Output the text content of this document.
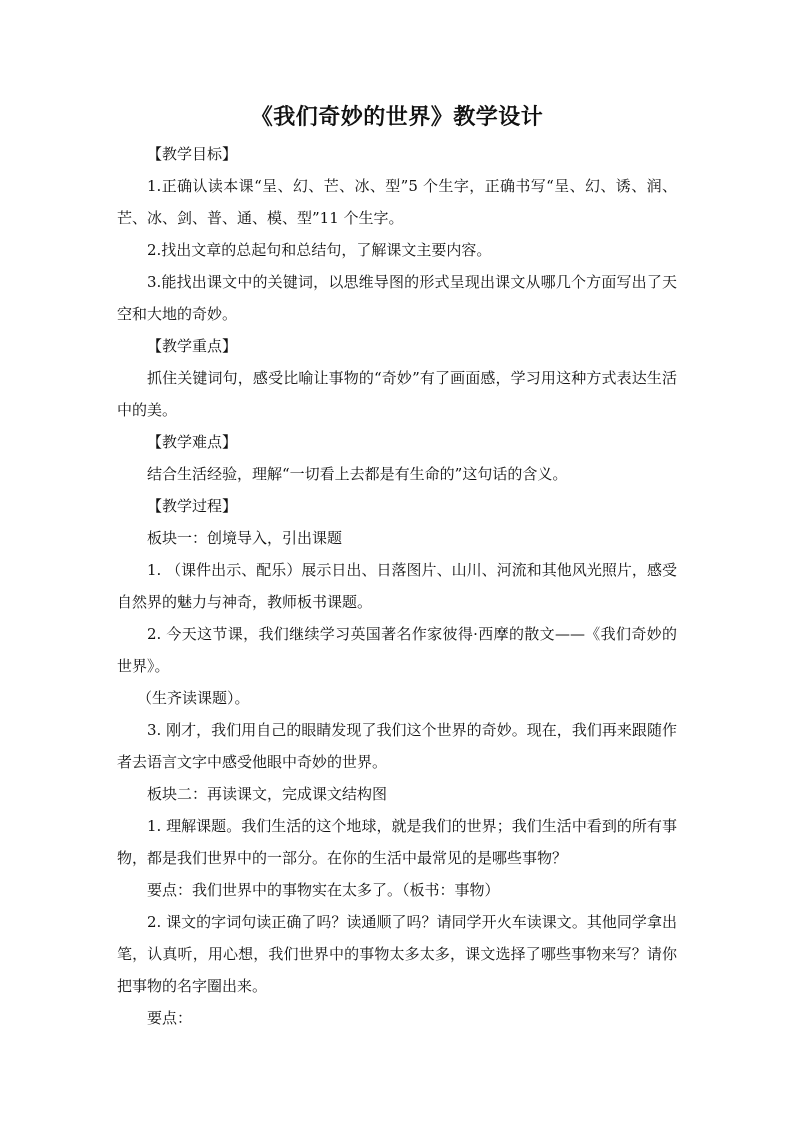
《我们奇妙的世界》教学设计

【教学目标】

1.正确认读本课“呈、幻、芒、冰、型”5 个生字，正确书写“呈、幻、诱、润、芒、冰、剑、普、通、模、型”11 个生字。

2.找出文章的总起句和总结句，了解课文主要内容。

3.能找出课文中的关键词，以思维导图的形式呈现出课文从哪几个方面写出了天空和大地的奇妙。

【教学重点】

抓住关键词句，感受比喻让事物的“奇妙”有了画面感，学习用这种方式表达生活中的美。

【教学难点】

结合生活经验，理解“一切看上去都是有生命的”这句话的含义。

【教学过程】

板块一：创境导入，引出课题

1. （课件出示、配乐）展示日出、日落图片、山川、河流和其他风光照片，感受自然界的魅力与神奇，教师板书课题。

2. 今天这节课，我们继续学习英国著名作家彼得·西摩的散文——《我们奇妙的世界》。

（生齐读课题）。

3. 刚才，我们用自己的眼睛发现了我们这个世界的奇妙。现在，我们再来跟随作者去语言文字中感受他眼中奇妙的世界。

板块二：再读课文，完成课文结构图

1. 理解课题。我们生活的这个地球，就是我们的世界；我们生活中看到的所有事物，都是我们世界中的一部分。在你的生活中最常见的是哪些事物？

要点：我们世界中的事物实在太多了。（板书：事物）

2. 课文的字词句读正确了吗？读通顺了吗？请同学开火车读课文。其他同学拿出笔，认真听，用心想，我们世界中的事物太多太多，课文选择了哪些事物来写？请你把事物的名字圈出来。

要点：
